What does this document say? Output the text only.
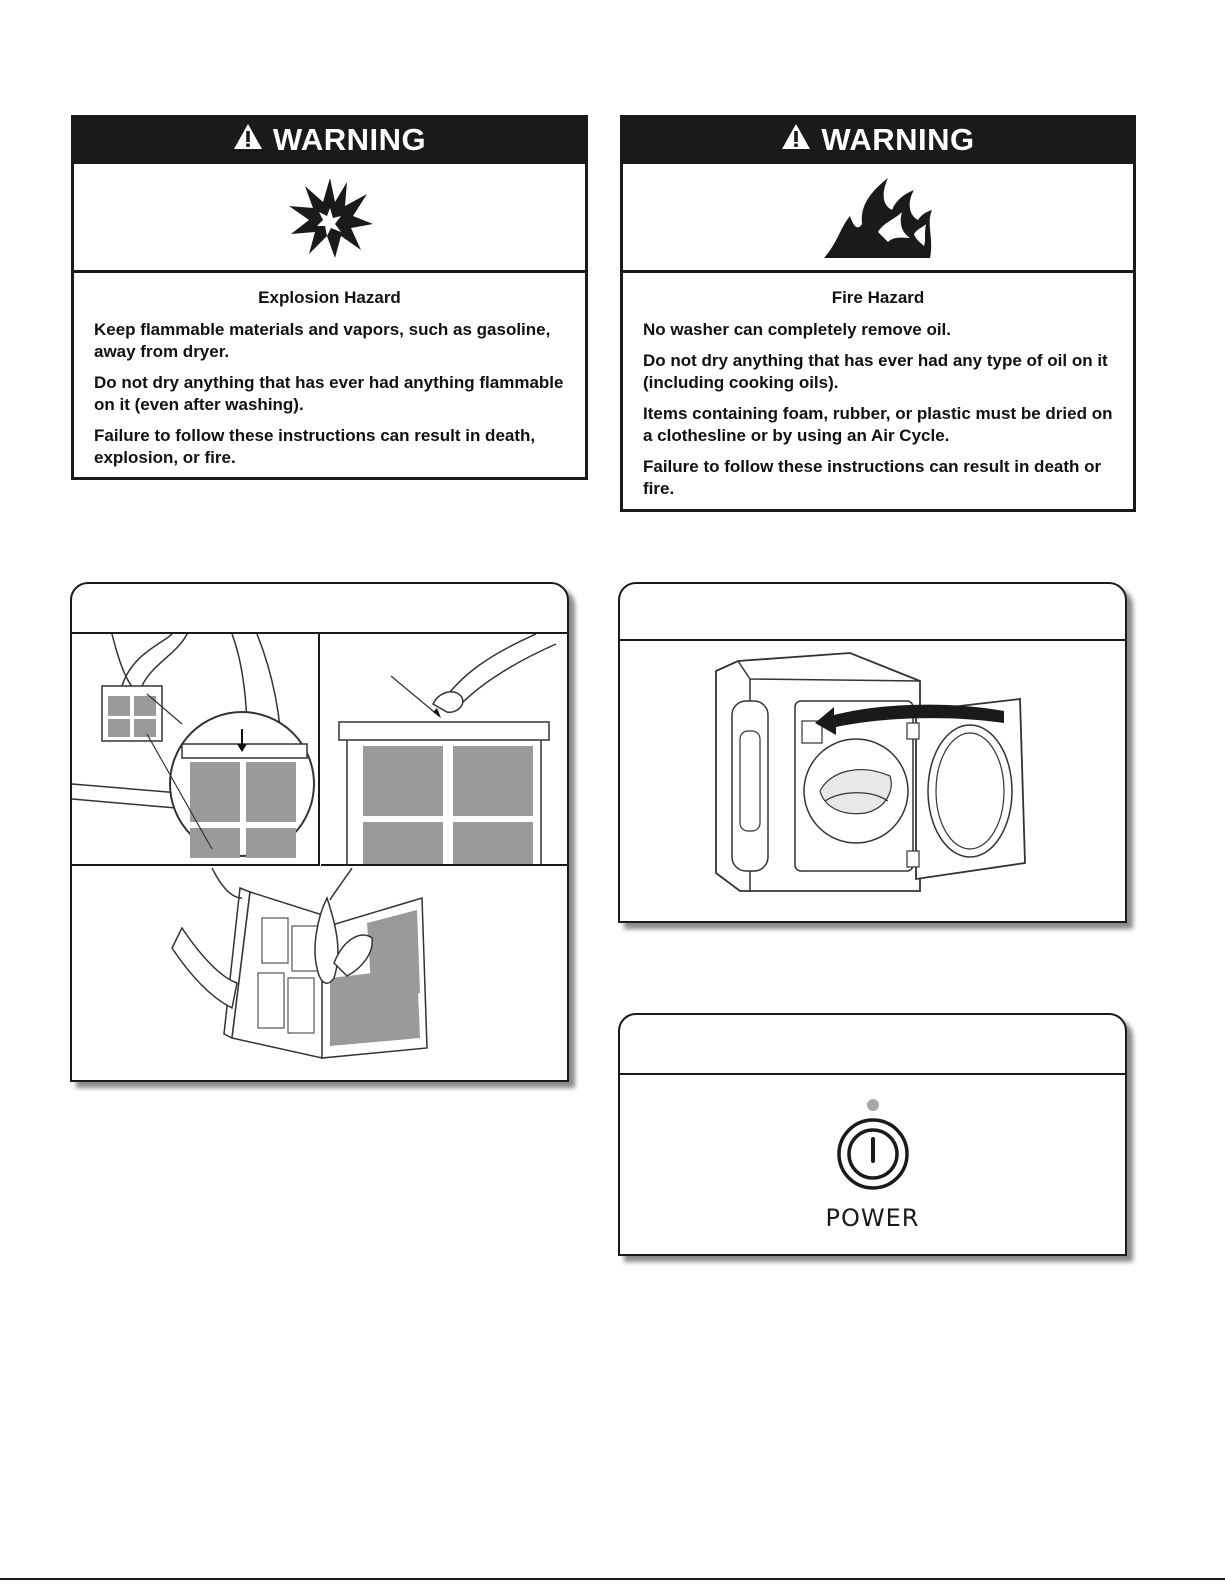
WARNING

Explosion Hazard

Keep flammable materials and vapors, such as gasoline, away from dryer.

Do not dry anything that has ever had anything flammable on it (even after washing).

Failure to follow these instructions can result in death, explosion, or fire.

WARNING

Fire Hazard

No washer can completely remove oil.

Do not dry anything that has ever had any type of oil on it (including cooking oils).

Items containing foam, rubber, or plastic must be dried on a clothesline or by using an Air Cycle.

Failure to follow these instructions can result in death or fire.

POWER
